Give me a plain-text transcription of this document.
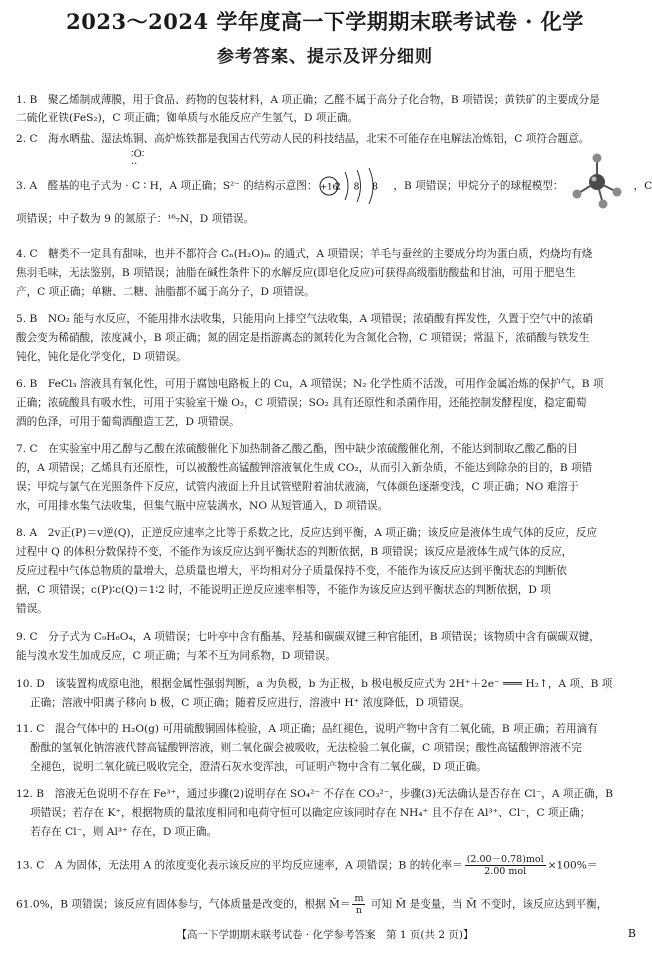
2023～2024 学年度高一下学期期末联考试卷 · 化学
参考答案、提示及评分细则
1. B　聚乙烯制成薄膜，用于食品、药物的包装材料，A 项正确；乙醛不属于高分子化合物，B 项错误；黄铁矿的主要成分是
二硫化亚铁(FeS₂)，C 项正确；铷单质与水能反应产生氢气，D 项正确。
2. C　海水晒盐、湿法炼铜、高炉炼铁都是我国古代劳动人民的科技结晶，北宋不可能存在电解法冶炼铝，C 项符合题意。
∶O∶
··
3. A　醛基的电子式为 · C ∶ H，A 项正确；S²⁻ 的结构示意图： +16
2 8 8 ，B 项错误；甲烷分子的球棍模型：	，C
项错误；中子数为 9 的氮原子：¹⁶₇N，D 项错误。
4. C　糖类不一定具有甜味，也并不都符合 Cₙ(H₂O)ₘ 的通式，A 项错误；羊毛与蚕丝的主要成分均为蛋白质，灼烧均有烧
焦羽毛味，无法鉴别，B 项错误；油脂在碱性条件下的水解反应(即皂化反应)可获得高级脂肪酸盐和甘油，可用于肥皂生
产，C 项正确；单糖、二糖、油脂都不属于高分子，D 项错误。
5. B　NO₂ 能与水反应，不能用排水法收集，只能用向上排空气法收集，A 项错误；浓硝酸有挥发性，久置于空气中的浓硝
酸会变为稀硝酸，浓度减小，B 项正确；氮的固定是指游离态的氮转化为含氮化合物，C 项错误；常温下，浓硝酸与铁发生
钝化，钝化是化学变化，D 项错误。
6. B　FeCl₃ 溶液具有氧化性，可用于腐蚀电路板上的 Cu，A 项错误；N₂ 化学性质不活泼，可用作金属冶炼的保护气，B 项
正确；浓硫酸具有吸水性，可用于实验室干燥 O₂，C 项错误；SO₂ 具有还原性和杀菌作用，还能控制发酵程度，稳定葡萄
酒的色泽，可用于葡萄酒酿造工艺，D 项错误。
7. C　在实验室中用乙醇与乙酸在浓硫酸催化下加热制备乙酸乙酯，图中缺少浓硫酸催化剂，不能达到制取乙酸乙酯的目
的，A 项错误；乙烯具有还原性，可以被酸性高锰酸钾溶液氧化生成 CO₂，从而引入新杂质，不能达到除杂的目的，B 项错
误；甲烷与氯气在光照条件下反应，试管内液面上升且试管壁附着油状液滴，气体颜色逐渐变浅，C 项正确；NO 难溶于
水，可用排水集气法收集，但集气瓶中应装满水，NO 从短管通入，D 项错误。
8. A　2v正(P)＝v逆(Q)，正逆反应速率之比等于系数之比，反应达到平衡，A 项正确；该反应是液体生成气体的反应，反应
过程中 Q 的体积分数保持不变，不能作为该反应达到平衡状态的判断依据，B 项错误；该反应是液体生成气体的反应，
反应过程中气体总物质的量增大，总质量也增大，平均相对分子质量保持不变，不能作为该反应达到平衡状态的判断依
据，C 项错误；c(P)∶c(Q)＝1∶2 时，不能说明正逆反应速率相等，不能作为该反应达到平衡状态的判断依据，D 项
错误。
9. C　分子式为 C₉H₆O₄，A 项错误；七叶亭中含有酯基、羟基和碳碳双键三种官能团，B 项错误；该物质中含有碳碳双键，
能与溴水发生加成反应，C 项正确；与苯不互为同系物，D 项错误。
10. D　该装置构成原电池，根据金属性强弱判断，a 为负极，b 为正极，b 极电极反应式为 2H⁺＋2e⁻ ═══ H₂↑，A 项、B 项
正确；溶液中阳离子移向 b 极，C 项正确；随着反应进行，溶液中 H⁺ 浓度降低，D 项错误。
11. C　混合气体中的 H₂O(g) 可用硫酸铜固体检验，A 项正确；品红褪色，说明产物中含有二氧化硫，B 项正确；若用滴有
酚酞的氢氧化钠溶液代替高锰酸钾溶液，则二氧化碳会被吸收，无法检验二氧化碳，C 项错误；酸性高锰酸钾溶液不完
全褪色，说明二氧化硫已吸收完全，澄清石灰水变浑浊，可证明产物中含有二氧化碳，D 项正确。
12. B　溶液无色说明不存在 Fe³⁺，通过步骤(2)说明存在 SO₄²⁻ 不存在 CO₃²⁻，步骤(3)无法确认是否存在 Cl⁻，A 项正确，B
项错误；若存在 K⁺，根据物质的量浓度相同和电荷守恒可以确定应该同时存在 NH₄⁺ 且不存在 Al³⁺、Cl⁻，C 项正确；
若存在 Cl⁻，则 Al³⁺ 存在，D 项正确。
13. C　A 为固体，无法用 A 的浓度变化表示该反应的平均反应速率，A 项错误；B 的转化率＝ $\frac{\text{(2.00－0.78)mol}}{\text{2.00 mol}} \times 100\%=$
61.0%，B 项错误；该反应有固体参与，气体质量是改变的，根据 M̄＝ $\frac{m}{n}$ 可知 M̄ 是变量，当 M̄ 不变时，该反应达到平衡，
【高一下学期期末联考试卷 · 化学参考答案　第 1 页(共 2 页)】	B
